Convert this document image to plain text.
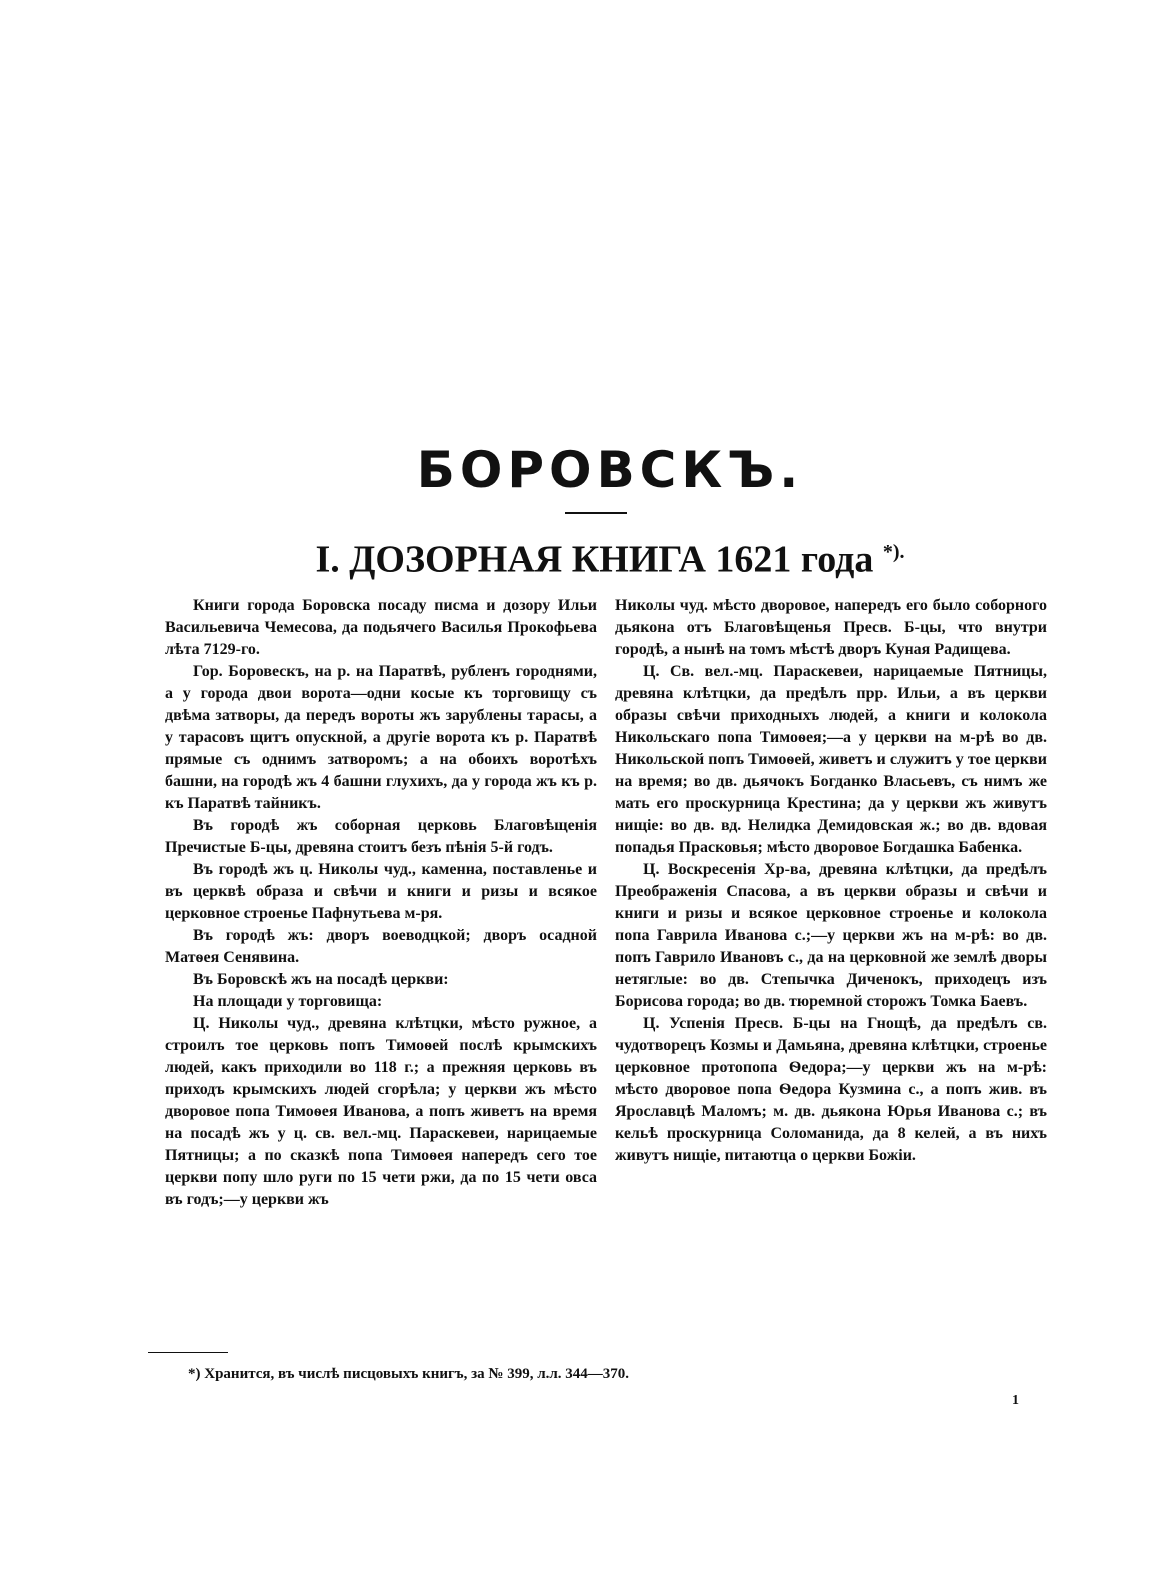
БОРОВСКЪ.
I. ДОЗОРНАЯ КНИГА 1621 года *).

Книги города Боровска посаду писма и дозору Ильи Васильевича Чемесова, да подьячего Василья Прокофьева лѣта 7129-го.

Гор. Боровескъ, на р. на Паратвѣ, рубленъ городнями, а у города двои ворота—одни косые къ торговищу съ двѣма затворы, да передъ вороты жъ зарублены тарасы, а у тарасовъ щитъ опускной, а другiе ворота къ р. Паратвѣ прямые съ однимъ затворомъ; а на обоихъ воротѣхъ башни, на городѣ жъ 4 башни глухихъ, да у города жъ къ р. къ Паратвѣ тайникъ.

Въ городѣ жъ соборная церковь Благовѣщенія Пречистые Б-цы, древяна стоитъ безъ пѣнія 5-й годъ.

Въ городѣ жъ ц. Николы чуд., каменна, поставленье и въ церквѣ образа и свѣчи и книги и ризы и всякое церковное строенье Пафнутьева м-ря.

Въ городѣ жъ: дворъ воеводцкой; дворъ осадной Матѳея Сенявина.

Въ Боровскѣ жъ на посадѣ церкви:

На площади у торговища:

Ц. Николы чуд., древяна клѣтцки, мѣсто ружное, а строилъ тое церковь попъ Тимоѳей послѣ крымскихъ людей, какъ приходили во 118 г.; а прежняя церковь въ приходъ крымскихъ людей сгорѣла; у церкви жъ мѣсто дворовое попа Тимоѳея Иванова, а попъ живетъ на время на посадѣ жъ у ц. св. вел.-мц. Параскевеи, нарицаемые Пятницы; а по сказкѣ попа Тимоѳея напередъ сего тое церкви попу шло руги по 15 чети ржи, да по 15 чети овса въ годъ;—у церкви жъ

Николы чуд. мѣсто дворовое, напередъ его было соборного дьякона отъ Благовѣщенья Пресв. Б-цы, что внутри городѣ, а нынѣ на томъ мѣстѣ дворъ Куная Радищева.

Ц. Св. вел.-мц. Параскевеи, нарицаемые Пятницы, древяна клѣтцки, да предѣлъ прр. Ильи, а въ церкви образы свѣчи приходныхъ людей, а книги и колокола Никольскаго попа Тимоѳея;—а у церкви на м-рѣ во дв. Никольской попъ Тимоѳей, живетъ и служитъ у тое церкви на время; во дв. дьячокъ Богданко Власьевъ, съ нимъ же мать его проскурница Крестина; да у церкви жъ живутъ нищіе: во дв. вд. Нелидка Демидовская ж.; во дв. вдовая попадья Прасковья; мѣсто дворовое Богдашка Бабенка.

Ц. Воскресенія Хр-ва, древяна клѣтцки, да предѣлъ Преображенія Спасова, а въ церкви образы и свѣчи и книги и ризы и всякое церковное строенье и колокола попа Гаврила Иванова с.;—у церкви жъ на м-рѣ: во дв. попъ Гаврило Ивановъ с., да на церковной же землѣ дворы нетяглые: во дв. Степычка Диченокъ, приходецъ изъ Борисова города; во дв. тюремной сторожъ Томка Баевъ.

Ц. Успенія Пресв. Б-цы на Гнощѣ, да предѣлъ св. чудотворецъ Козмы и Дамьяна, древяна клѣтцки, строенье церковное протопопа Ѳедора;—у церкви жъ на м-рѣ: мѣсто дворовое попа Ѳедора Кузмина с., а попъ жив. въ Ярославцѣ Маломъ; м. дв. дьякона Юрья Иванова с.; въ кельѣ проскурница Соломанида, да 8 келей, а въ нихъ живутъ нищіе, питаютца о церкви Божіи.

*) Хранится, въ числѣ писцовыхъ книгъ, за № 399, л.л. 344—370.
1
